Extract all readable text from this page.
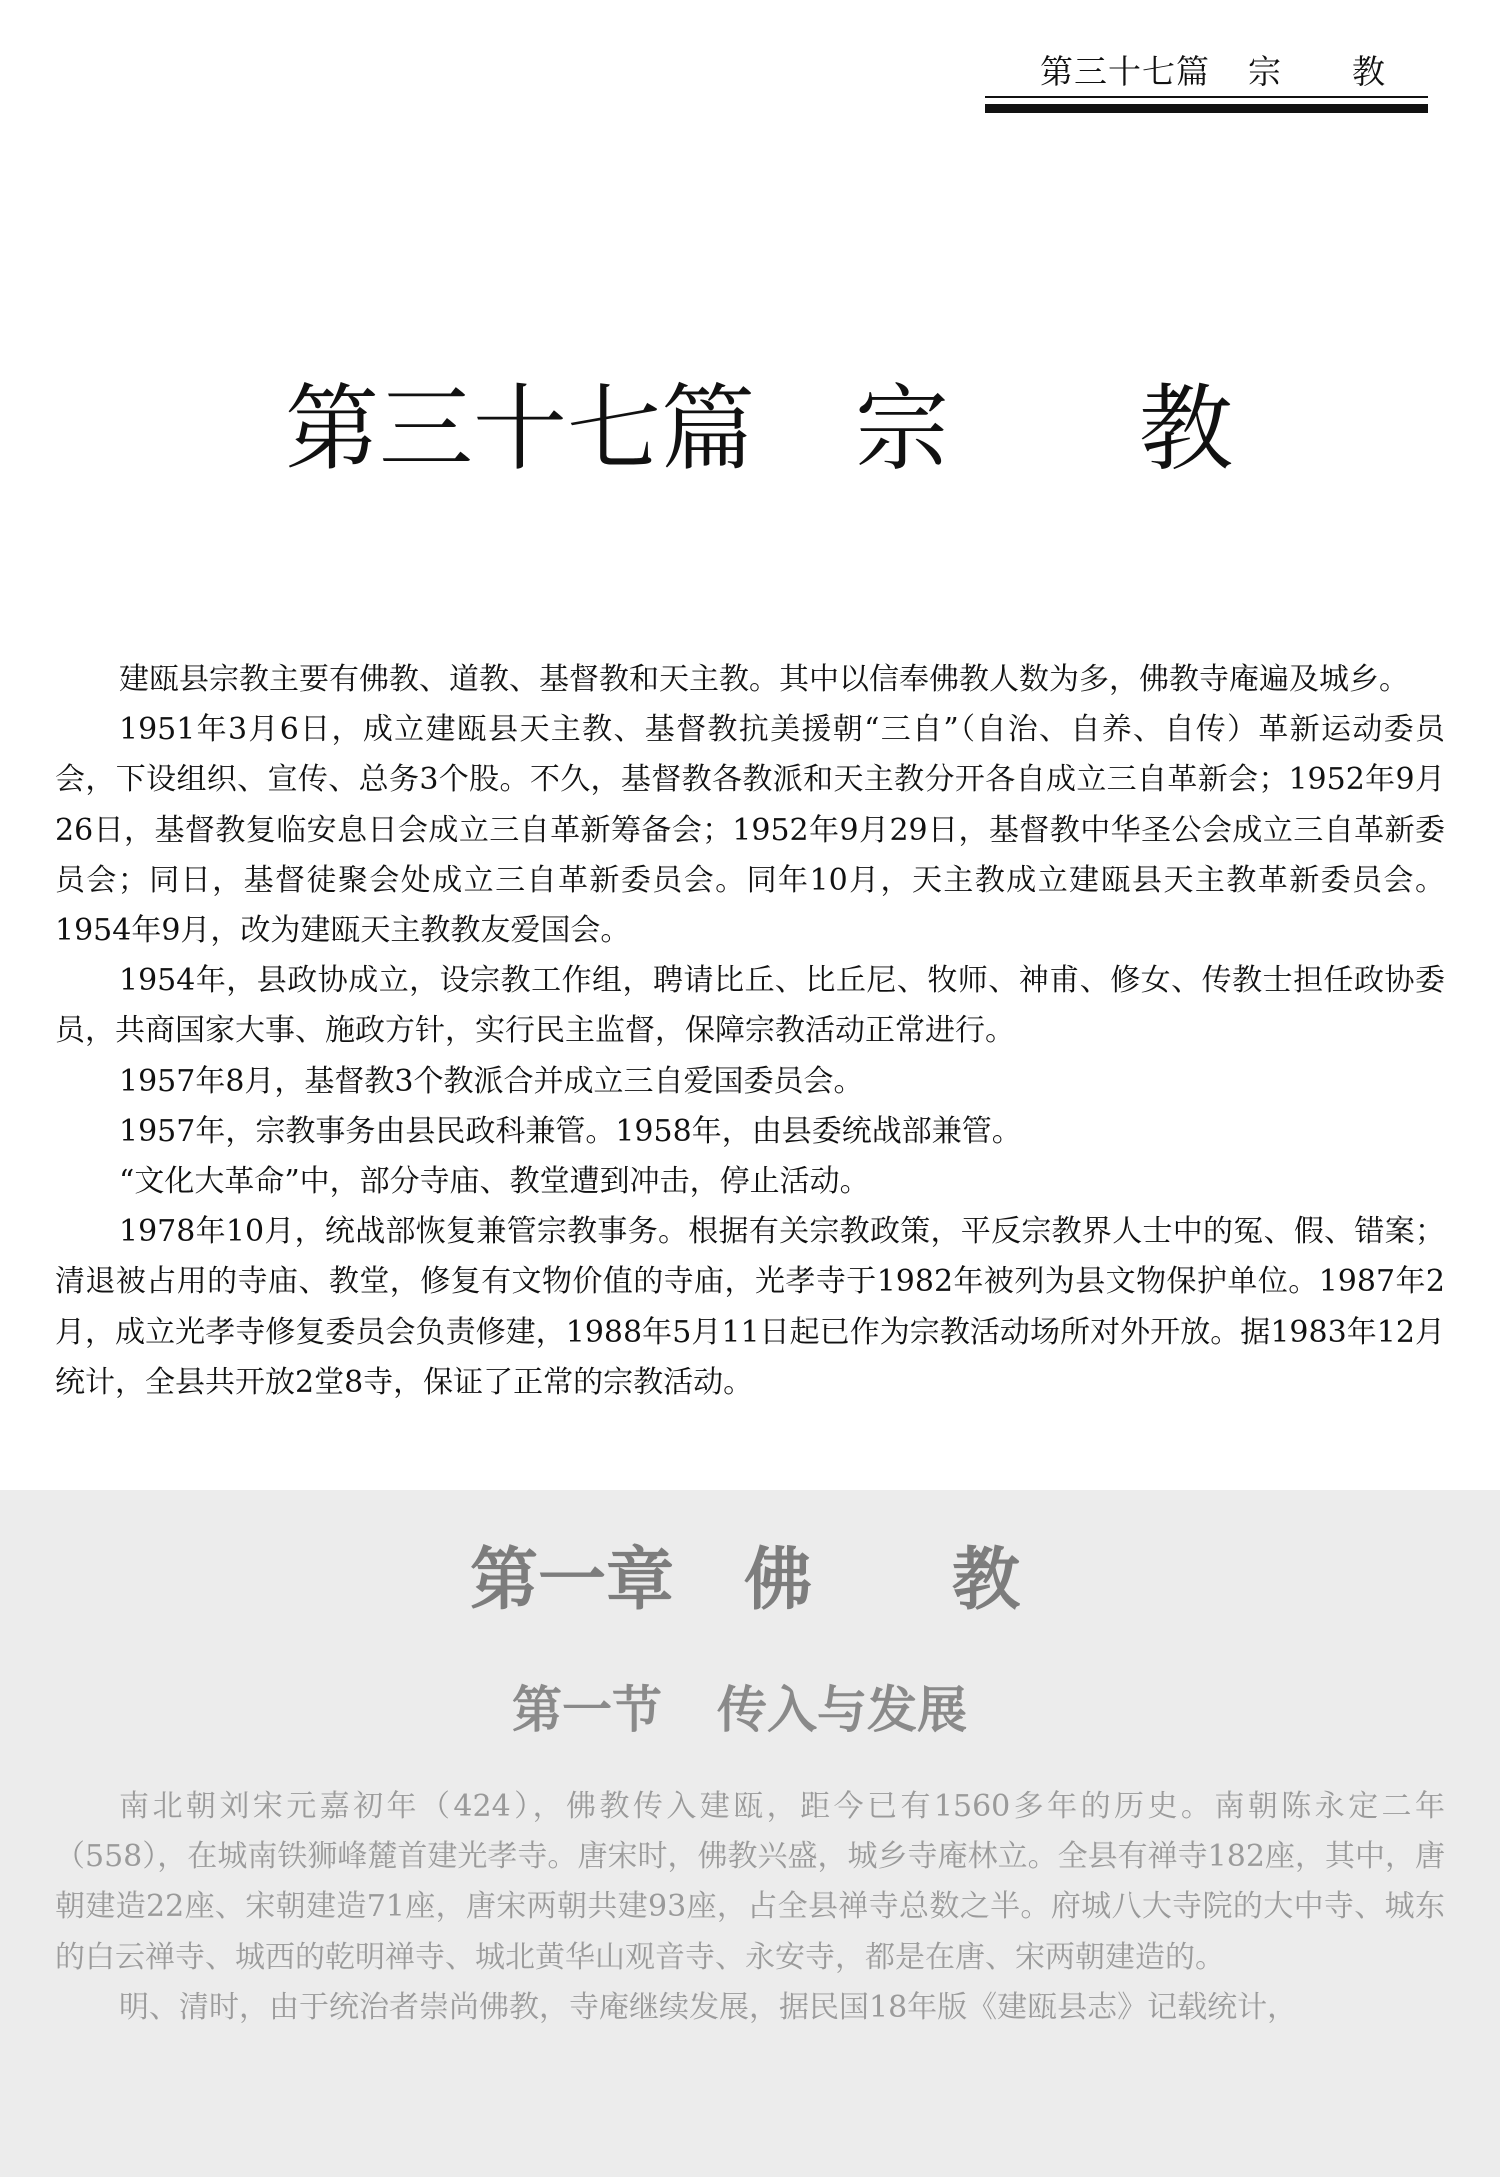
第三十七篇 宗 教
第三十七篇 宗 教

建瓯县宗教主要有佛教、道教、基督教和天主教。其中以信奉佛教人数为多，佛教寺庵遍及城乡。

1951年3月6日，成立建瓯县天主教、基督教抗美援朝“三自”（自治、自养、自传）革新运动委员会，下设组织、宣传、总务3个股。不久，基督教各教派和天主教分开各自成立三自革新会；1952年9月26日，基督教复临安息日会成立三自革新筹备会；1952年9月29日，基督教中华圣公会成立三自革新委员会；同日，基督徒聚会处成立三自革新委员会。同年10月，天主教成立建瓯县天主教革新委员会。1954年9月，改为建瓯天主教教友爱国会。

1954年，县政协成立，设宗教工作组，聘请比丘、比丘尼、牧师、神甫、修女、传教士担任政协委员，共商国家大事、施政方针，实行民主监督，保障宗教活动正常进行。

1957年8月，基督教3个教派合并成立三自爱国委员会。

1957年，宗教事务由县民政科兼管。1958年，由县委统战部兼管。

“文化大革命”中，部分寺庙、教堂遭到冲击，停止活动。

1978年10月，统战部恢复兼管宗教事务。根据有关宗教政策，平反宗教界人士中的冤、假、错案；清退被占用的寺庙、教堂，修复有文物价值的寺庙，光孝寺于1982年被列为县文物保护单位。1987年2月，成立光孝寺修复委员会负责修建，1988年5月11日起已作为宗教活动场所对外开放。据1983年12月统计，全县共开放2堂8寺，保证了正常的宗教活动。

第一章 佛 教
第一节 传入与发展

南北朝刘宋元嘉初年（424），佛教传入建瓯，距今已有1560多年的历史。南朝陈永定二年（558），在城南铁狮峰麓首建光孝寺。唐宋时，佛教兴盛，城乡寺庵林立。全县有禅寺182座，其中，唐朝建造22座、宋朝建造71座，唐宋两朝共建93座，占全县禅寺总数之半。府城八大寺院的大中寺、城东的白云禅寺、城西的乾明禅寺、城北黄华山观音寺、永安寺，都是在唐、宋两朝建造的。

明、清时，由于统治者崇尚佛教，寺庵继续发展，据民国18年版《建瓯县志》记载统计，
